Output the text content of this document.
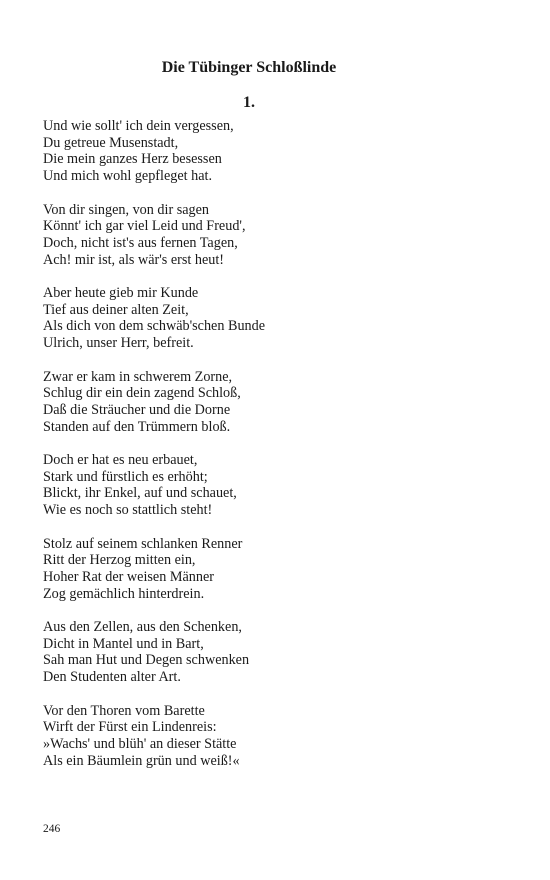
Die Tübinger Schloßlinde
1.
Und wie sollt' ich dein vergessen,
Du getreue Musenstadt,
Die mein ganzes Herz besessen
Und mich wohl gepfleget hat.
Von dir singen, von dir sagen
Könnt' ich gar viel Leid und Freud',
Doch, nicht ist's aus fernen Tagen,
Ach! mir ist, als wär's erst heut!
Aber heute gieb mir Kunde
Tief aus deiner alten Zeit,
Als dich von dem schwäb'schen Bunde
Ulrich, unser Herr, befreit.
Zwar er kam in schwerem Zorne,
Schlug dir ein dein zagend Schloß,
Daß die Sträucher und die Dorne
Standen auf den Trümmern bloß.
Doch er hat es neu erbauet,
Stark und fürstlich es erhöht;
Blickt, ihr Enkel, auf und schauet,
Wie es noch so stattlich steht!
Stolz auf seinem schlanken Renner
Ritt der Herzog mitten ein,
Hoher Rat der weisen Männer
Zog gemächlich hinterdrein.
Aus den Zellen, aus den Schenken,
Dicht in Mantel und in Bart,
Sah man Hut und Degen schwenken
Den Studenten alter Art.
Vor den Thoren vom Barette
Wirft der Fürst ein Lindenreis:
»Wachs' und blüh' an dieser Stätte
Als ein Bäumlein grün und weiß!«
246
